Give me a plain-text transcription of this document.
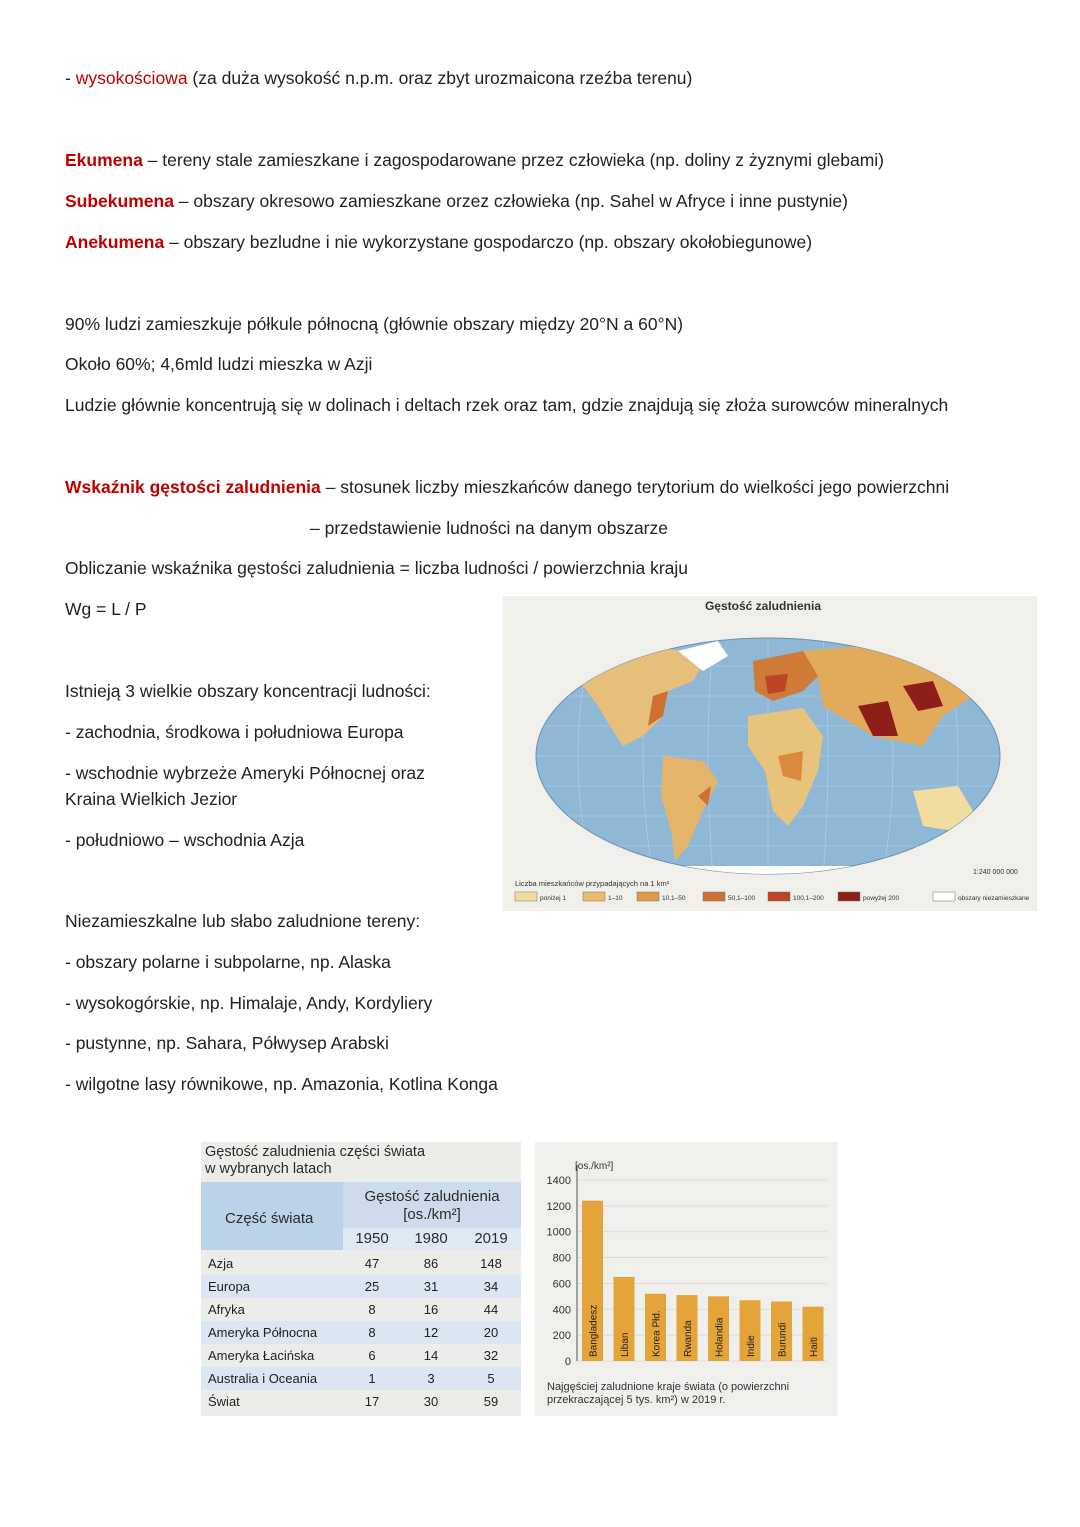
- wysokościowa (za duża wysokość n.p.m. oraz zbyt urozmaicona rzeźba terenu)
Ekumena – tereny stale zamieszkane i zagospodarowane przez człowieka (np. doliny z żyznymi glebami)
Subekumena – obszary okresowo zamieszkane orzez człowieka (np. Sahel w Afryce i inne pustynie)
Anekumena – obszary bezludne i nie wykorzystane gospodarczo (np. obszary okołobiegunowe)
90% ludzi zamieszkuje półkule północną (głównie obszary między 20°N a 60°N)
Około 60%; 4,6mld ludzi mieszka w Azji
Ludzie głównie koncentrują się w dolinach i deltach rzek oraz tam, gdzie znajdują się złoża surowców mineralnych
Wskaźnik gęstości zaludnienia – stosunek liczby mieszkańców danego terytorium do wielkości jego powierzchni
– przedstawienie ludności na danym obszarze
Obliczanie wskaźnika gęstości zaludnienia = liczba ludności / powierzchnia kraju
Wg = L / P
Istnieją 3 wielkie obszary koncentracji ludności:
- zachodnia, środkowa i południowa Europa
- wschodnie wybrzeże Ameryki Północnej oraz
Kraina Wielkich Jezior
- południowo – wschodnia Azja
Niezamieszkalne lub słabo zaludnione tereny:
- obszary polarne i subpolarne, np. Alaska
- wysokogórskie, np. Himalaje, Andy, Kordyliery
- pustynne, np. Sahara, Półwysep Arabski
- wilgotne lasy równikowe, np. Amazonia, Kotlina Konga
Gęstość zaludnienia
1:240 000 000
Liczba mieszkańców przypadających na 1 km²
poniżej 1	1–10	10,1–50	50,1–100	100,1–200	powyżej 200	obszary niezamieszkane
Gęstość zaludnienia części świata
w wybranych latach
Część świata
Gęstość zaludnienia
[os./km²]
1950	1980	2019
Azja	47	86	148
Europa	25	31	34
Afryka	8	16	44
Ameryka Północna	8	12	20
Ameryka Łacińska	6	14	32
Australia i Oceania	1	3	5
Świat	17	30	59
[os./km²]
Najgęściej zaludnione kraje świata (o powierzchni
przekraczającej 5 tys. km²) w 2019 r.
0
200
400
600
800
1000
1200
1400
Bangladesz Liban Korea Płd. Rwanda Holandia Indie Burundi Haiti
